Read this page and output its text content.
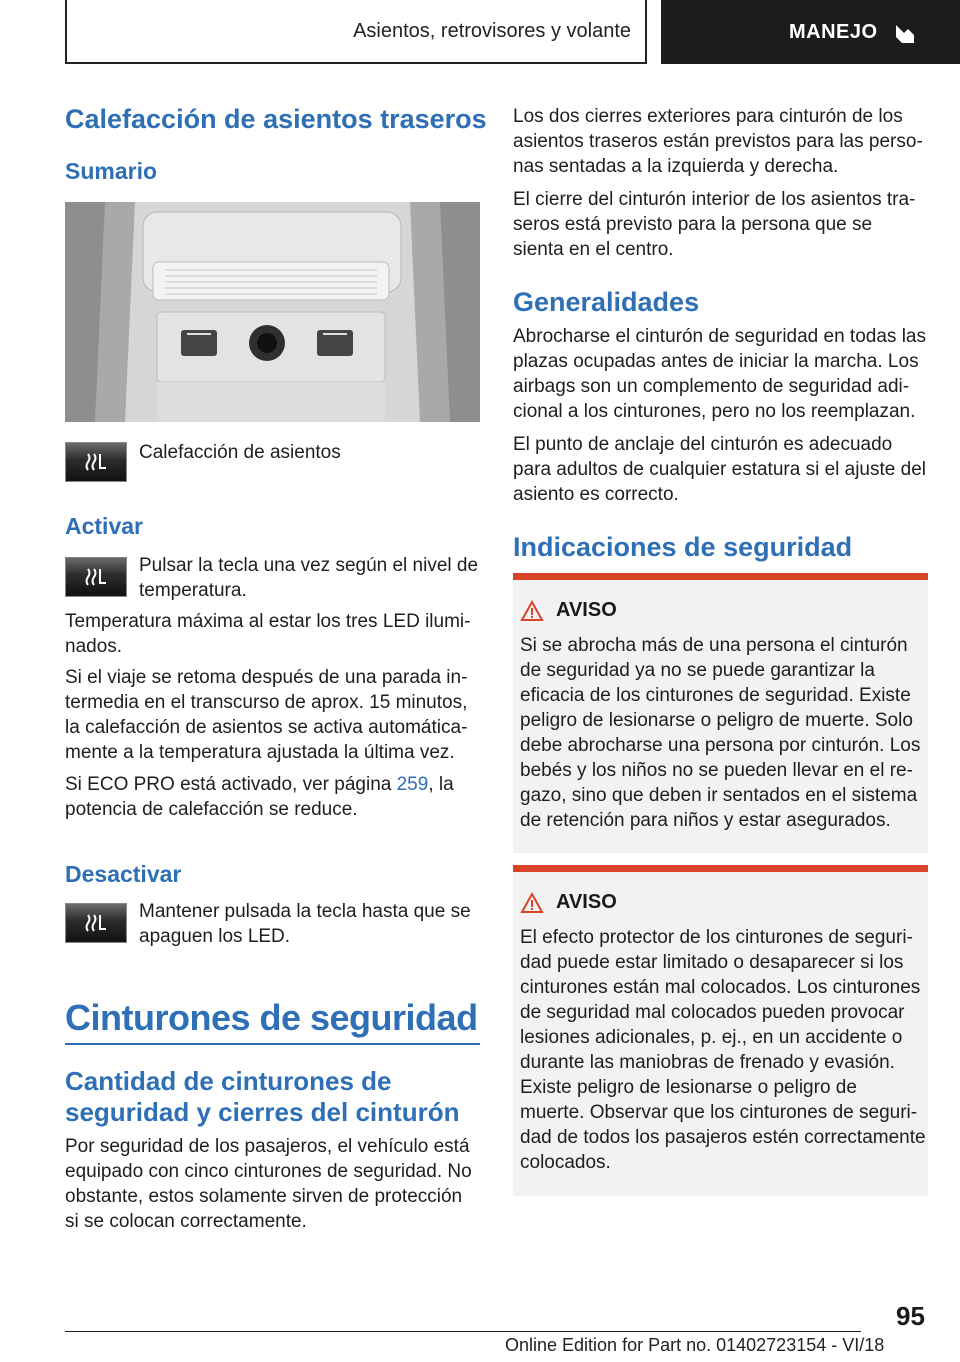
Asientos, retrovisores y volante	MANEJO
Calefacción de asientos traseros
Sumario
Calefacción de asientos
Activar
Pulsar la tecla una vez según el nivel de temperatura.
Temperatura máxima al estar los tres LED iluminados.
Si el viaje se retoma después de una parada intermedia en el transcurso de aprox. 15 minutos, la calefacción de asientos se activa automáticamente a la temperatura ajustada la última vez.
Si ECO PRO está activado, ver página 259, la potencia de calefacción se reduce.
Desactivar
Mantener pulsada la tecla hasta que se apaguen los LED.
Cinturones de seguridad
Cantidad de cinturones de seguridad y cierres del cinturón
Por seguridad de los pasajeros, el vehículo está equipado con cinco cinturones de seguridad. No obstante, estos solamente sirven de protección si se colocan correctamente.
Los dos cierres exteriores para cinturón de los asientos traseros están previstos para las personas sentadas a la izquierda y derecha.
El cierre del cinturón interior de los asientos traseros está previsto para la persona que se sienta en el centro.
Generalidades
Abrocharse el cinturón de seguridad en todas las plazas ocupadas antes de iniciar la marcha. Los airbags son un complemento de seguridad adicional a los cinturones, pero no los reemplazan.
El punto de anclaje del cinturón es adecuado para adultos de cualquier estatura si el ajuste del asiento es correcto.
Indicaciones de seguridad
AVISO
Si se abrocha más de una persona el cinturón de seguridad ya no se puede garantizar la eficacia de los cinturones de seguridad. Existe peligro de lesionarse o peligro de muerte. Solo debe abrocharse una persona por cinturón. Los bebés y los niños no se pueden llevar en el regazo, sino que deben ir sentados en el sistema de retención para niños y estar asegurados.
AVISO
El efecto protector de los cinturones de seguridad puede estar limitado o desaparecer si los cinturones están mal colocados. Los cinturones de seguridad mal colocados pueden provocar lesiones adicionales, p. ej., en un accidente o durante las maniobras de frenado y evasión. Existe peligro de lesionarse o peligro de muerte. Observar que los cinturones de seguridad de todos los pasajeros estén correctamente colocados.
95
Online Edition for Part no. 01402723154 - VI/18
